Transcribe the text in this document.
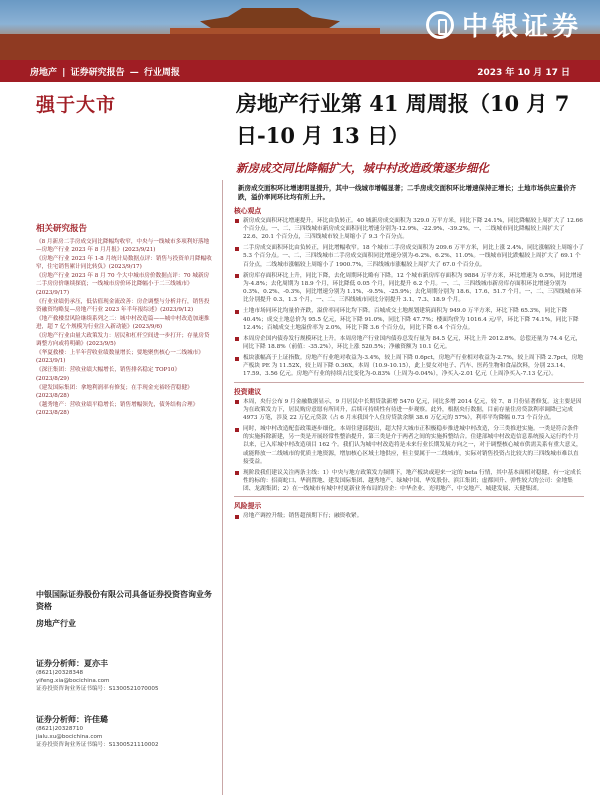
中银证券
房地产 | 证券研究报告 — 行业周报	2023 年 10 月 17 日
强于大市	房地产行业第 41 周周报（10 月 7 日-10 月 13 日）
新房成交同比降幅扩大，城中村改造政策逐步细化
相关研究报告
《8 月新房二手房成交同比降幅均收窄，中央与一线城市多项利好落地—房地产行业 2023 年 8 月月报》(2023/9/21)
《房地产行业 2023 年 1-8 月统计局数据点评：销售与投资单月降幅收窄，住宅销售累计同比转负》(2023/9/17)
《房地产行业 2023 年 8 月 70 个大中城市房价数据点评：70 城新房二手房房价继续探底；一线城市房价环比降幅小于二三线城市》(2023/9/17)
《行业业绩仍承压，低估值现金流改善：房企调整与分析并行，销售投资融资均略复—房地产行业 2023 年半年报综述》(2023/9/12)
《地产救楼盘风险继续系列之二：城中村改造篇——城中村改造加速推进，超 7 亿个规模为行业注入新动能》(2023/9/6)
《房地产行业由量大政策发力：居民和杠杆空间进一步打开；存量房贷调整方向或将明确》(2023/9/5)
《华夏救楼：上半年营收业绩数量增长；要地聚焦核心一二线城市》(2023/9/1)
《深汪集团：营收业绩大幅增长，销售排名稳定 TOP10》(2023/8/29)
《建发国际集团：拿地利润率有修复；在手现金充裕经营稳健》(2023/8/28)
《越秀地产：营收业绩平稳增长；销售增幅领先，债务结构合理》(2023/8/28)
中银国际证券股份有限公司具备证券投资咨询业务资格
房地产行业
证券分析师：夏亦丰
(8621)20328348
yifeng.xia@bocichina.com
证券投资咨询业务证书编号：S1300521070005
证券分析师：许佳璐
(8621)20328710
jialu.xu@bocichina.com
证券投资咨询业务证书编号：S1300521110002
新房成交面积环比增速明显提升，其中一线城市增幅显著；二手房成交面积环比增速保持正增长；土地市场供应量价齐跌，溢价率同环比均有所上升。
核心观点
新房成交面积环比增速提升。环比由负转正。40 城新房成交面积为 329.0 万平方米，同比下降 24.1%，同比降幅较上周扩大了 12.66 个百分点。一、二、三四线城市新房成交面积同比增速分别为-12.9%、-22.9%、-39.2%。一、二线城市同比降幅较上周扩大了 22.6、20.1 个百分点，三四线城市较上周缩小了 9.3 个百分点。
二手房成交面积环比由负转正，同比增幅收窄。18 个城市二手房成交面积为 209.6 万平方米，同比上涨 2.4%，同比涨幅较上周缩小了 5.3 个百分点。一、二、三四线城市二手房成交面积同比增速分别为-6.2%、6.2%、11.0%。一线城市同比跌幅较上周扩大了 69.1 个百分点，二线城市涨幅较上周缩小了 1900.7%，三四线城市涨幅较上周扩大了 67.0 个百分点。
新房库存面积环比上升，同比下降，去化周期环比略有下降。12 个城市新房库存面积为 9884 万平方米，环比增速为 0.5%，同比增速为-4.8%；去化周期为 18.9 个月，环比降低 0.05 个月，同比提升 6.2 个月。一、二、三四线城市新房库存面积环比增速分别为 0.3%、0.2%、-0.3%，同比增速分别为 1.1%、-9.5%、-25.9%；去化周期分别为 18.6、17.6、51.7 个月。一、二、三四线城市环比分别提升 0.3、1.3 个月，一、二、三四线城市同比分别提升 3.1、7.3、18.9 个月。
土地市场同环比均量价齐跌，溢价率同环比均下降。百城成交土地规划建筑面积为 949.0 万平方米，环比下降 65.3%，同比下降 40.4%；成交土地总价为 95.5 亿元，环比下降 91.0%，同比下降 47.7%；楼面均价为 1016.4 元/平，环比下降 74.1%，同比下降 12.4%；百城成交土地溢价率为 2.0%，环比下降 3.6 个百分点，同比下降 6.4 个百分点。
本周房企国内债券发行规模环比上升。本周房地产行业国内债券总发行量为 84.5 亿元，环比上升 2012.8%。总偿还量为 74.4 亿元，同比下降 18.8%（前值：-35.2%），环比上涨 520.5%；净融资额为 10.1 亿元。
板块涨幅高于上证指数。房地产行业绝对收益为-3.4%，较上周下降 0.6pct，房地产行业相对收益为-2.7%，较上周下降 2.7pct，房地产板块 PE 为 11.52X，较上周下降 0.36X。本周（10.9-10.15），此上要女对电子、汽车、医药生物和食品饮料，分别 23.14、17.59、3.56 亿元。房地产行业的持续占比变化为-0.83%（上周为-0.04%），净买入-2.01 亿元（上周净买入-7.13 亿元）。
投资建议
本周，央行公布 9 月金融数据显示，9 月居民中长期贷款新增 5470 亿元，同比多增 2014 亿元，较 7、8 月份显著修复。这主要是因为在政策发力下，居民购房意愿有所回升，后续可持续性有待进一步观察。此外，根据央行数据，目前存量住房贷款利率调降已完成 4973 万笔，涉及 22 万亿元贷款（占 6 月末我国个人住房贷款余额 38.6 万亿元的 57%），利率平均降幅 0.73 个百分点。
同时，城中村改造配套政策逐步细化。本周住建部提出，超大特大城市正积极稳步推进城中村改造，分三类推进实施。一类是符合条件的实施拆除新建，另一类是开展经常性整治提升，第三类是介于两者之间的实施拆整结合。住建部城中村改造信息系统接入运行约个月以来，已入库城中村改造项目 162 个。我们认为城中村改造将是未来行业长期发展方向之一，对于调整核心城市供需关系有重大意义，或能释放一二线城市的优质土地资源，增加核心区域土地供应，但主要属于一二线城市，实际对销售投资占比较大的三四线城市难以直接受益。
现阶段我们建议关注两条主线：1）中央与地方政策发力频期下，地产板块或迎来一定的 beta 行情，其中基本面相对稳健、有一定成长性的标的：招商蛇口、华润置地、建发国际集团、越秀地产、绿城中国、华发股份、滨江集团；虚都回升、弹性较大的公司：金地集团、龙湖集团；2）在一线城市有城中村更新业务布局的房企：中华企业、光明地产、中交地产、城建发展、天健集团。
风险提示
房地产调控升级；销售超预期下行；融资收紧。
